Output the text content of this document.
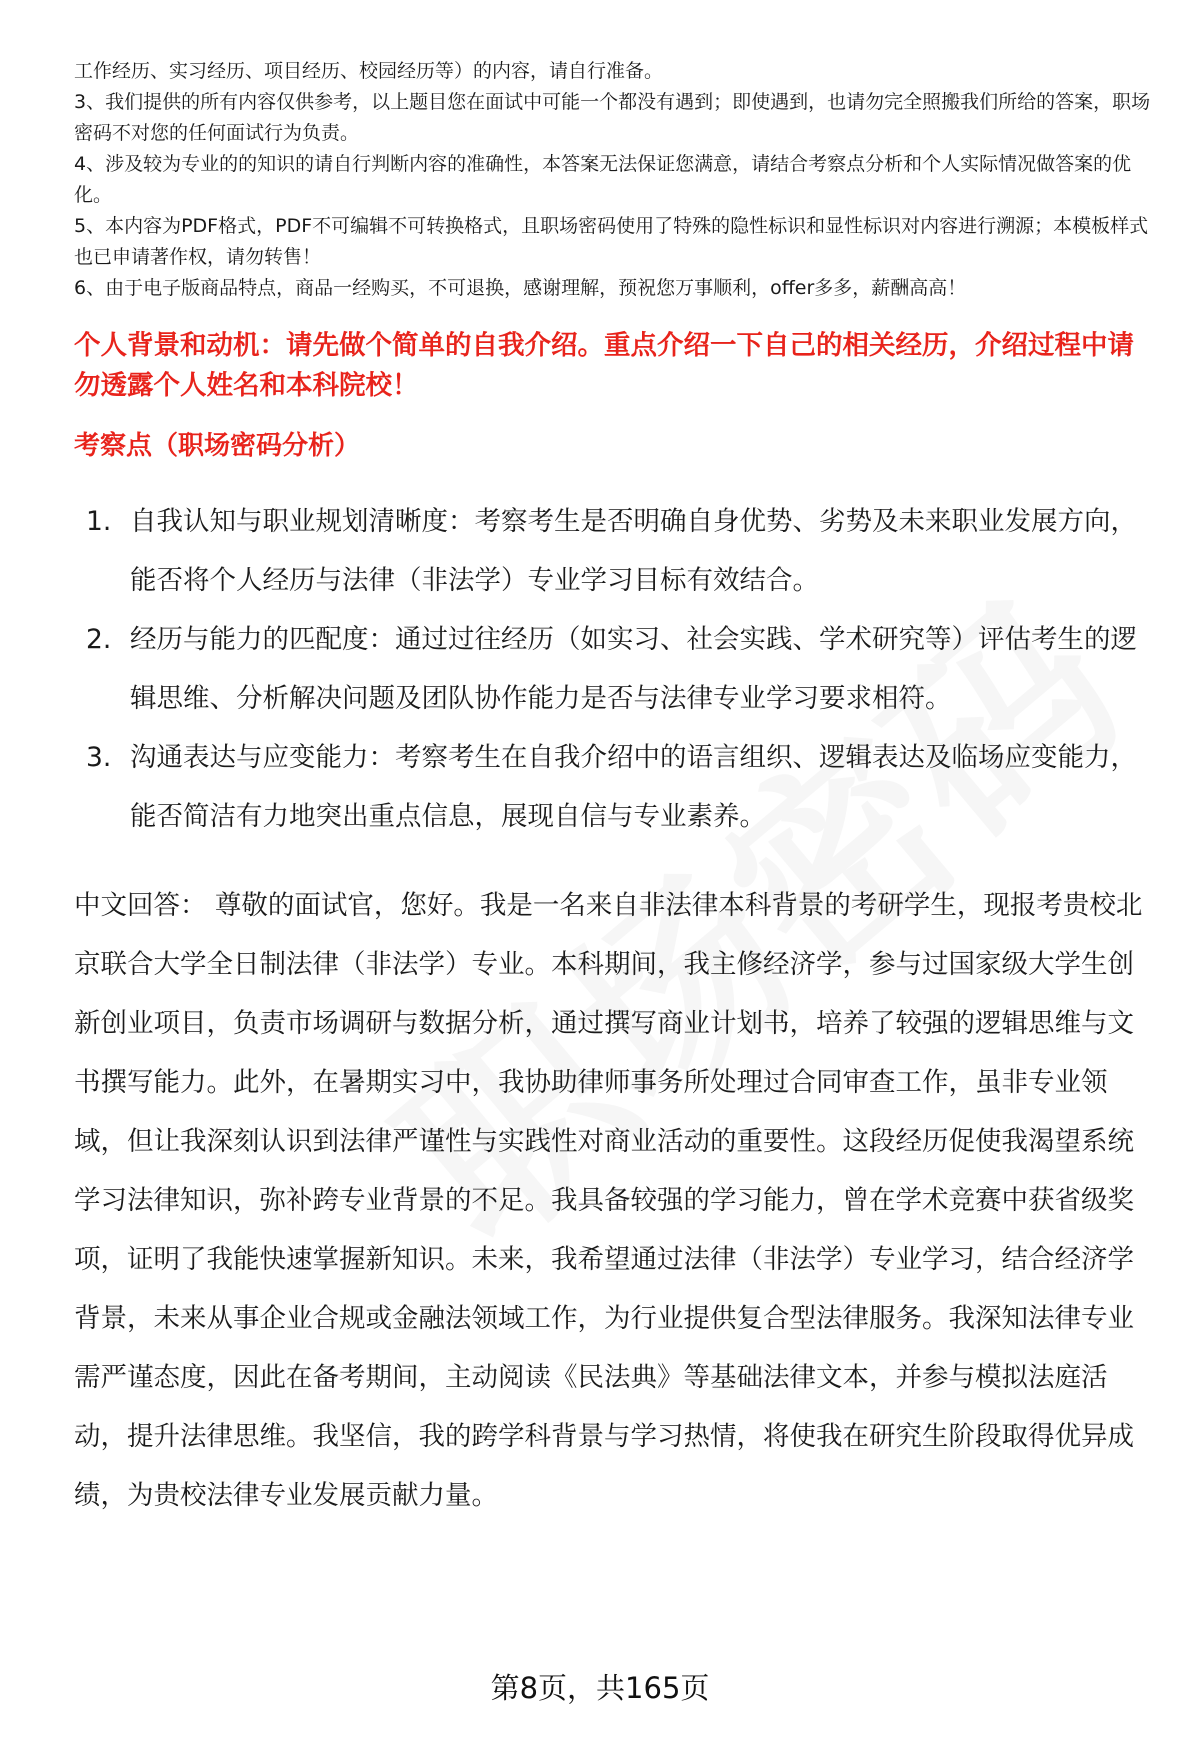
工作经历、实习经历、项目经历、校园经历等）的内容，请自行准备。

3、我们提供的所有内容仅供参考，以上题目您在面试中可能一个都没有遇到；即使遇到，也请勿完全照搬我们所给的答案，职场密码不对您的任何面试行为负责。

4、涉及较为专业的的知识的请自行判断内容的准确性，本答案无法保证您满意，请结合考察点分析和个人实际情况做答案的优化。

5、本内容为PDF格式，PDF不可编辑不可转换格式，且职场密码使用了特殊的隐性标识和显性标识对内容进行溯源；本模板样式也已申请著作权，请勿转售！

6、由于电子版商品特点，商品一经购买，不可退换，感谢理解，预祝您万事顺利，offer多多，薪酬高高！

个人背景和动机：请先做个简单的自我介绍。重点介绍一下自己的相关经历，介绍过程中请勿透露个人姓名和本科院校！
考察点（职场密码分析）
1. 自我认知与职业规划清晰度：考察考生是否明确自身优势、劣势及未来职业发展方向，能否将个人经历与法律（非法学）专业学习目标有效结合。
2. 经历与能力的匹配度：通过过往经历（如实习、社会实践、学术研究等）评估考生的逻辑思维、分析解决问题及团队协作能力是否与法律专业学习要求相符。
3. 沟通表达与应变能力：考察考生在自我介绍中的语言组织、逻辑表达及临场应变能力，能否简洁有力地突出重点信息，展现自信与专业素养。

中文回答： 尊敬的面试官，您好。我是一名来自非法律本科背景的考研学生，现报考贵校北京联合大学全日制法律（非法学）专业。本科期间，我主修经济学，参与过国家级大学生创新创业项目，负责市场调研与数据分析，通过撰写商业计划书，培养了较强的逻辑思维与文书撰写能力。此外，在暑期实习中，我协助律师事务所处理过合同审查工作，虽非专业领域，但让我深刻认识到法律严谨性与实践性对商业活动的重要性。这段经历促使我渴望系统学习法律知识，弥补跨专业背景的不足。我具备较强的学习能力，曾在学术竞赛中获省级奖项，证明了我能快速掌握新知识。未来，我希望通过法律（非法学）专业学习，结合经济学背景，未来从事企业合规或金融法领域工作，为行业提供复合型法律服务。我深知法律专业需严谨态度，因此在备考期间，主动阅读《民法典》等基础法律文本，并参与模拟法庭活动，提升法律思维。我坚信，我的跨学科背景与学习热情，将使我在研究生阶段取得优异成绩，为贵校法律专业发展贡献力量。

第8页，共165页
